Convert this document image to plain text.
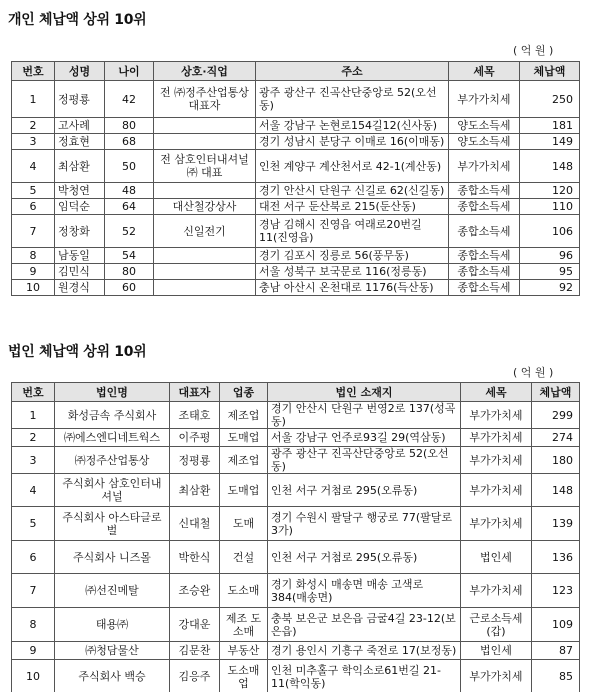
개인 체납액 상위 10위
( 억 원 )
번호	성명	나이	상호·직업	주소	세목	체납액
1	정평룡	42	전 ㈜정주산업통상 대표자	광주 광산구 진곡산단중앙로 52(오선동)	부가가치세	250
2	고사례	80		서울 강남구 논현로154길12(신사동)	양도소득세	181
3	정효현	68		경기 성남시 분당구 이매로 16(이매동)	양도소득세	149
4	최삼환	50	전 삼호인터내셔널㈜ 대표	인천 계양구 계산천서로 42-1(계산동)	부가가치세	148
5	박청연	48		경기 안산시 단원구 신길로 62(신길동)	종합소득세	120
6	임덕순	64	대산철강상사	대전 서구 둔산북로 215(둔산동)	종합소득세	110
7	정창화	52	신일전기	경남 김해시 진영읍 여래로20번길 11(진영읍)	종합소득세	106
8	남동일	54		경기 김포시 징릉로 56(풍무동)	종합소득세	96
9	김민식	80		서울 성북구 보국문로 116(정릉동)	종합소득세	95
10	원경식	60		충남 아산시 온천대로 1176(득산동)	종합소득세	92
법인 체납액 상위 10위
( 억 원 )
번호	법인명	대표자	업종	법인 소재지	세목	체납액
1	화성금속 주식회사	조태호	제조업	경기 안산시 단원구 번영2로 137(성곡동)	부가가치세	299
2	㈜에스엔디네트웍스	이주평	도매업	서울 강남구 언주로93길 29(역삼동)	부가가치세	274
3	㈜정주산업통상	정평룡	제조업	광주 광산구 진곡산단중앙로 52(오선동)	부가가치세	180
4	주식회사 삼호인터내셔널	최삼환	도매업	인천 서구 거첨로 295(오류동)	부가가치세	148
5	주식회사 아스타글로벌	신대철	도매	경기 수원시 팔달구 행궁로 77(팔달로3가)	부가가치세	139
6	주식회사 니즈몰	박한식	건설	인천 서구 거첨로 295(오류동)	법인세	136
7	㈜선진메탈	조승완	도소매	경기 화성시 매송면 매송 고색로 384(매송면)	부가가치세	123
8	태용㈜	강대운	제조 도소매	충북 보은군 보은읍 금굴4길 23-12(보은읍)	근로소득세(갑)	109
9	㈜청담물산	김문찬	부동산	경기 용인시 기흥구 죽전로 17(보정동)	법인세	87
10	주식회사 백승	김응주	도소매업	인천 미추홀구 학익소로61번길 21-11(학익동)	부가가치세	85
